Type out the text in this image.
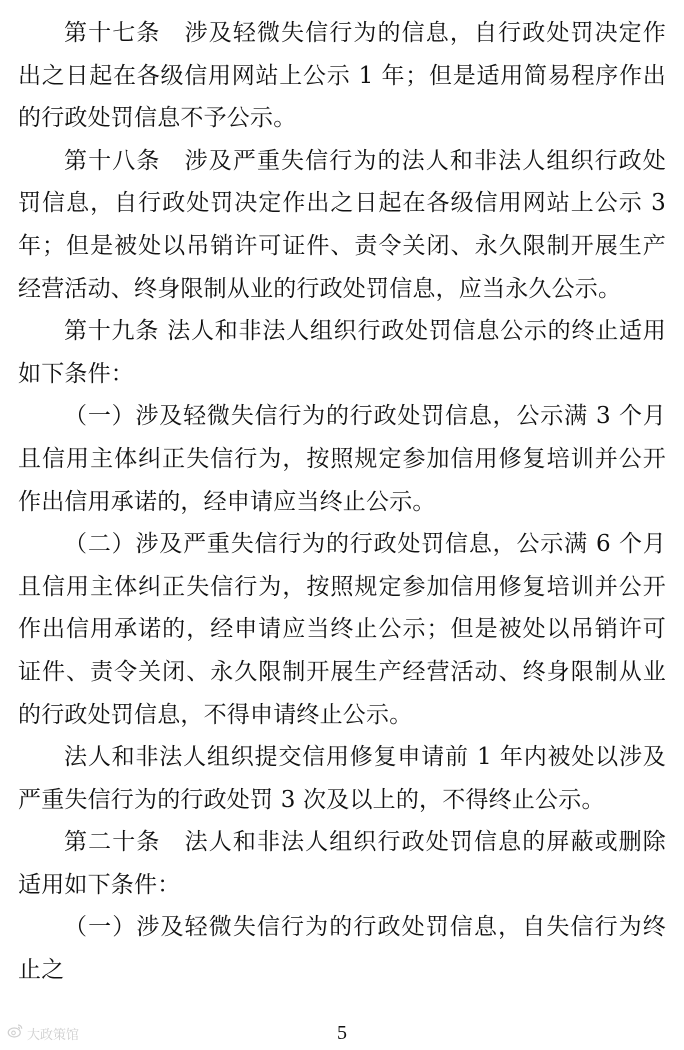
第十七条　 涉及轻微失信行为的信息，自行政处罚决定作出之日起在各级信用网站上公示 1 年；但是适用简易程序作出的行政处罚信息不予公示。

第十八条　 涉及严重失信行为的法人和非法人组织行政处罚信息，自行政处罚决定作出之日起在各级信用网站上公示 3 年；但是被处以吊销许可证件、责令关闭、永久限制开展生产经营活动、终身限制从业的行政处罚信息，应当永久公示。

第十九条 法人和非法人组织行政处罚信息公示的终止适用如下条件：

（一）涉及轻微失信行为的行政处罚信息，公示满 3 个月且信用主体纠正失信行为，按照规定参加信用修复培训并公开作出信用承诺的，经申请应当终止公示。

（二）涉及严重失信行为的行政处罚信息，公示满 6 个月且信用主体纠正失信行为，按照规定参加信用修复培训并公开作出信用承诺的，经申请应当终止公示；但是被处以吊销许可证件、责令关闭、永久限制开展生产经营活动、终身限制从业的行政处罚信息，不得申请终止公示。

法人和非法人组织提交信用修复申请前 1 年内被处以涉及严重失信行为的行政处罚 3 次及以上的，不得终止公示。

第二十条　 法人和非法人组织行政处罚信息的屏蔽或删除适用如下条件：

（一）涉及轻微失信行为的行政处罚信息，自失信行为终止之

大政策馆	5
